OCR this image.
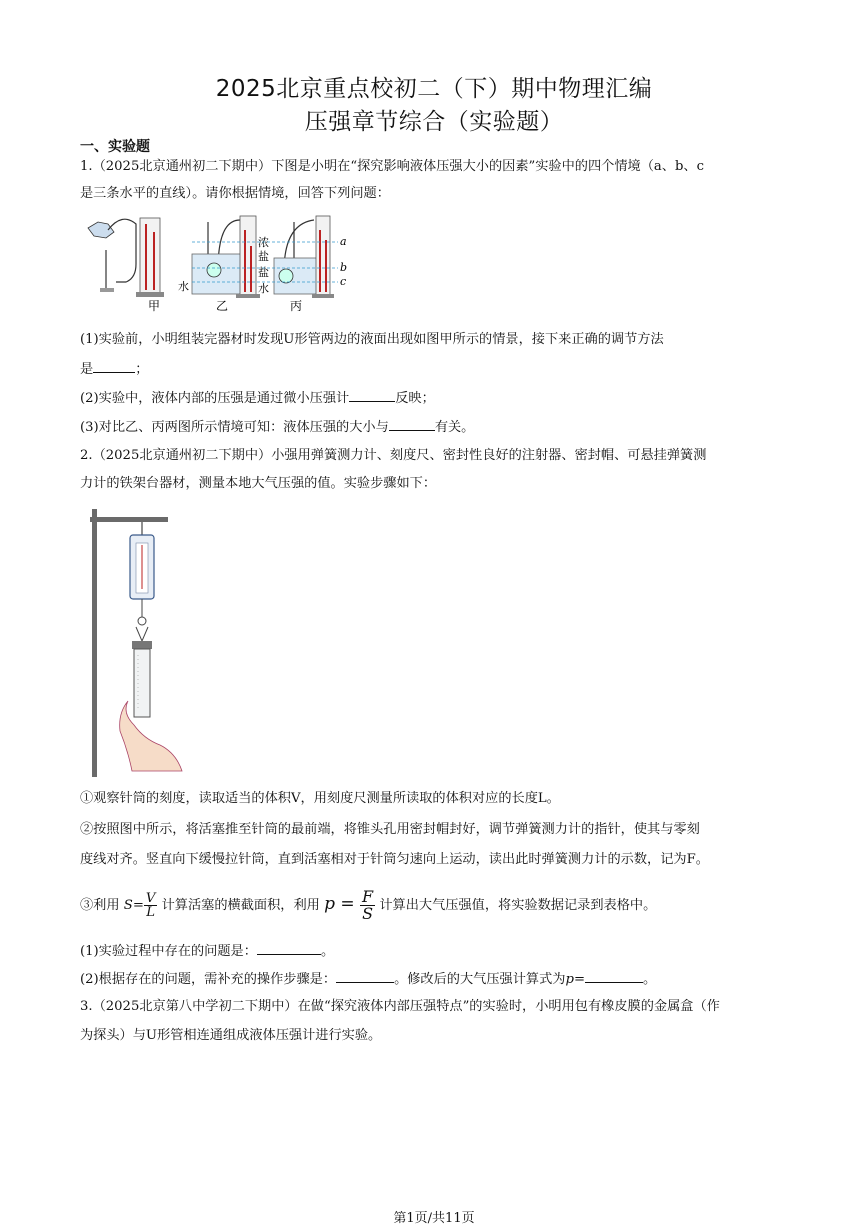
2025北京重点校初二（下）期中物理汇编
压强章节综合（实验题）
一、实验题
1.（2025北京通州初二下期中）下图是小明在“探究影响液体压强大小的因素”实验中的四个情境（a、b、c
是三条水平的直线）。请你根据情境，回答下列问题：
甲
水
乙
浓
盐
盐
水
丙
a
b
c
(1)实验前，小明组装完器材时发现U形管两边的液面出现如图甲所示的情景，接下来正确的调节方法
是	；
(2)实验中，液体内部的压强是通过微小压强计	反映；
(3)对比乙、丙两图所示情境可知：液体压强的大小与	有关。
2.（2025北京通州初二下期中）小强用弹簧测力计、刻度尺、密封性良好的注射器、密封帽、可悬挂弹簧测
力计的铁架台器材，测量本地大气压强的值。实验步骤如下：
①观察针筒的刻度，读取适当的体积V，用刻度尺测量所读取的体积对应的长度L。
②按照图中所示，将活塞推至针筒的最前端，将锥头孔用密封帽封好，调节弹簧测力计的指针，使其与零刻
度线对齐。竖直向下缓慢拉针筒，直到活塞相对于针筒匀速向上运动，读出此时弹簧测力计的示数，记为F。
③利用 $S= \frac{V}{L}$ 计算活塞的横截面积，利用 $p = \frac{F}{S}$ 计算出大气压强值，将实验数据记录到表格中。
(1)实验过程中存在的问题是：	。
(2)根据存在的问题，需补充的操作步骤是：	。修改后的大气压强计算式为p=	。
3.（2025北京第八中学初二下期中）在做“探究液体内部压强特点”的实验时，小明用包有橡皮膜的金属盒（作
为探头）与U形管相连通组成液体压强计进行实验。
第1页/共11页
